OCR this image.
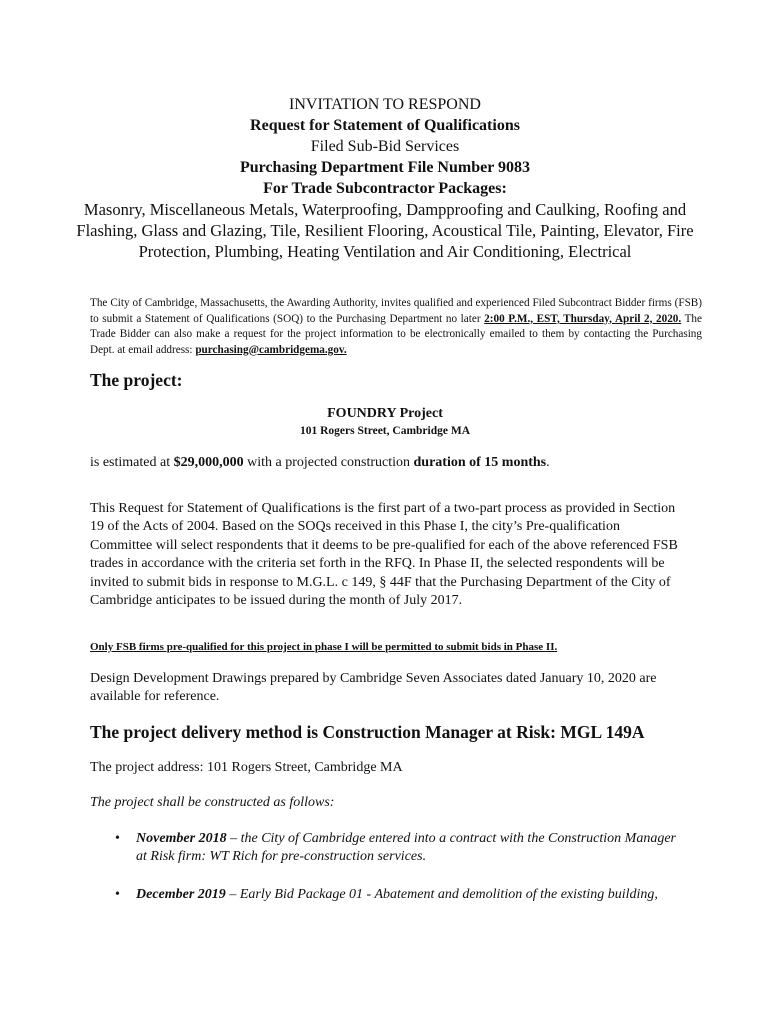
INVITATION TO RESPOND
Request for Statement of Qualifications
Filed Sub-Bid Services
Purchasing Department File Number 9083
For Trade Subcontractor Packages:
Masonry, Miscellaneous Metals, Waterproofing, Dampproofing and Caulking, Roofing and Flashing, Glass and Glazing, Tile, Resilient Flooring, Acoustical Tile, Painting, Elevator, Fire Protection, Plumbing, Heating Ventilation and Air Conditioning, Electrical
The City of Cambridge, Massachusetts, the Awarding Authority, invites qualified and experienced Filed Subcontract Bidder firms (FSB) to submit a Statement of Qualifications (SOQ) to the Purchasing Department no later 2:00 P.M., EST, Thursday, April 2, 2020. The Trade Bidder can also make a request for the project information to be electronically emailed to them by contacting the Purchasing Dept. at email address: purchasing@cambridgema.gov.
The project:
FOUNDRY Project
101 Rogers Street, Cambridge MA
is estimated at $29,000,000 with a projected construction duration of 15 months.
This Request for Statement of Qualifications is the first part of a two-part process as provided in Section 19 of the Acts of 2004. Based on the SOQs received in this Phase I, the city’s Pre-qualification Committee will select respondents that it deems to be pre-qualified for each of the above referenced FSB trades in accordance with the criteria set forth in the RFQ. In Phase II, the selected respondents will be invited to submit bids in response to M.G.L. c 149, § 44F that the Purchasing Department of the City of Cambridge anticipates to be issued during the month of July 2017.
Only FSB firms pre-qualified for this project in phase I will be permitted to submit bids in Phase II.
Design Development Drawings prepared by Cambridge Seven Associates dated January 10, 2020 are available for reference.
The project delivery method is Construction Manager at Risk: MGL 149A
The project address: 101 Rogers Street, Cambridge MA
The project shall be constructed as follows:
• November 2018 – the City of Cambridge entered into a contract with the Construction Manager at Risk firm: WT Rich for pre-construction services.
• December 2019 – Early Bid Package 01 - Abatement and demolition of the existing building,
